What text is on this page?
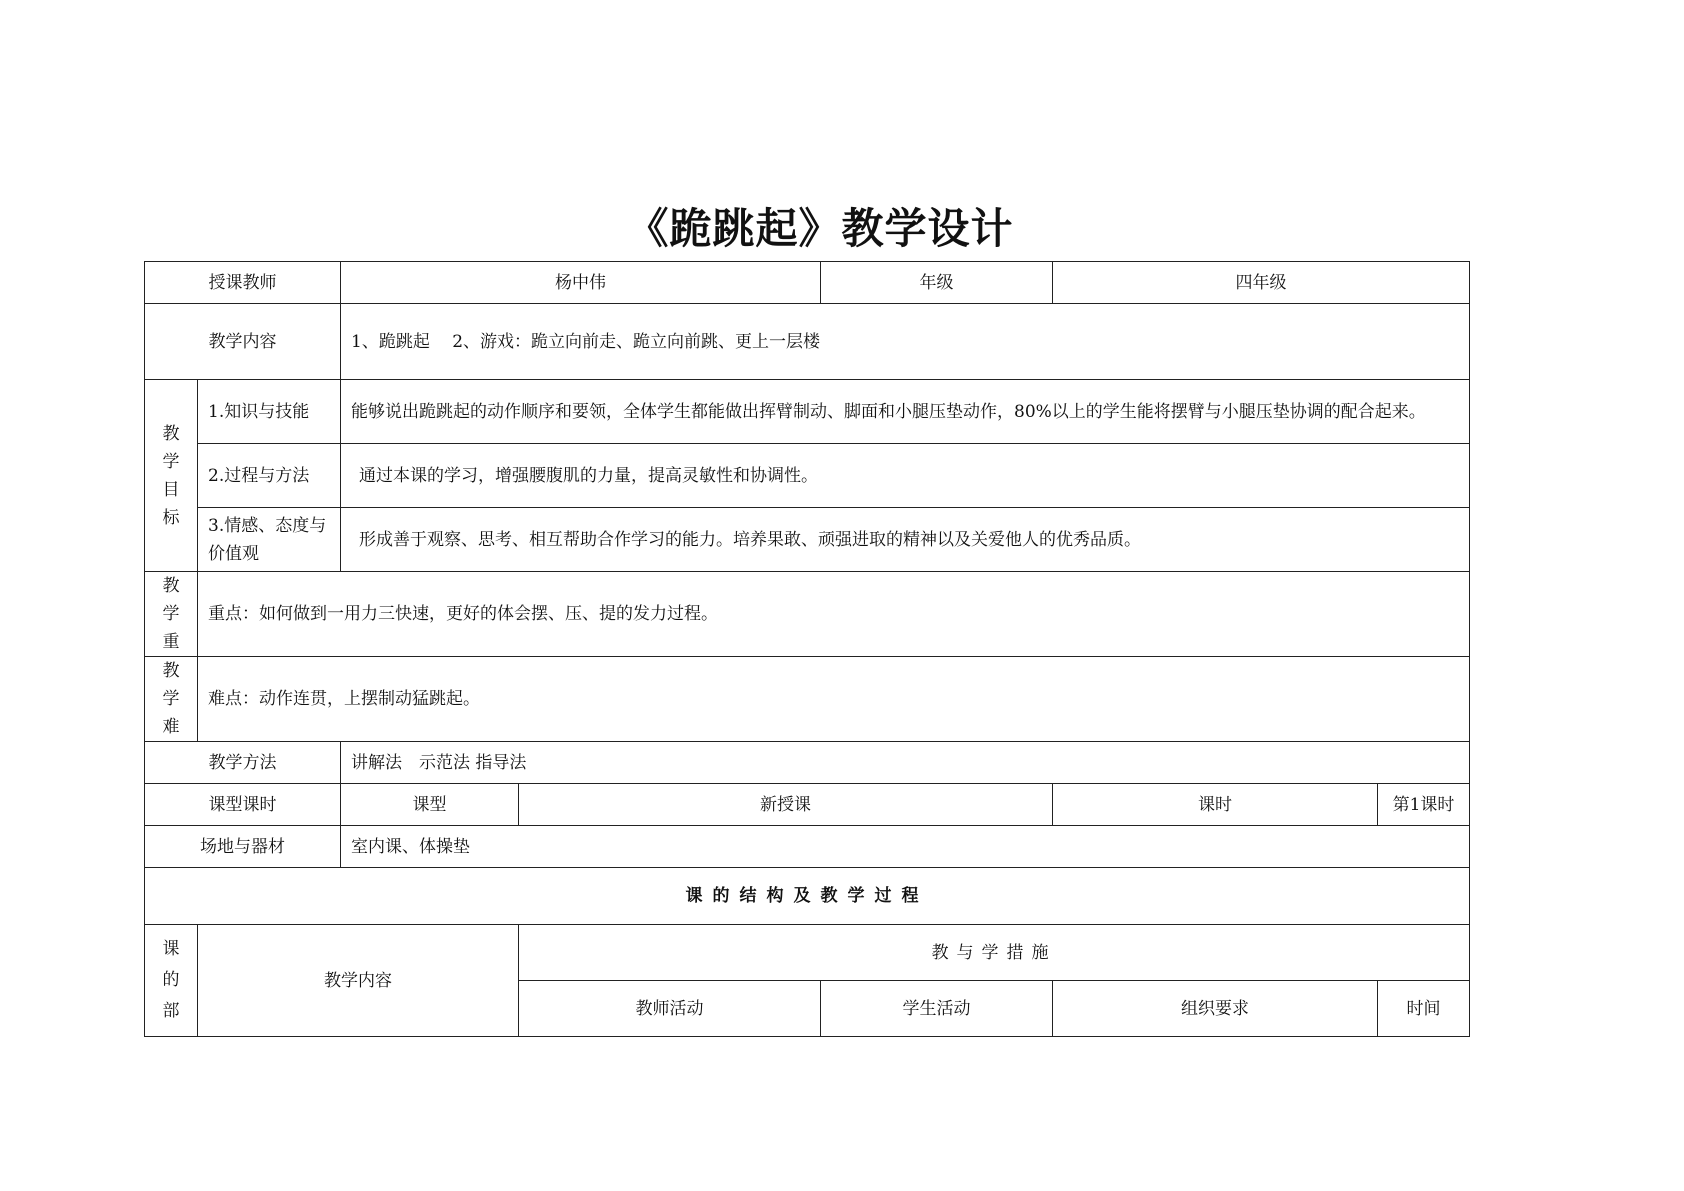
《跪跳起》教学设计
授课教师		杨中伟		年级	四年级	
教学内容		1、跪跳起　 2、游戏：跪立向前走、跪立向前跳、更上一层楼				
教学目标	1.知识与技能	能够说出跪跳起的动作顺序和要领，全体学生都能做出挥臂制动、脚面和小腿压垫动作，80%以上的学生能将摆臂与小腿压垫协调的配合起来。				
	2.过程与方法	通过本课的学习，增强腰腹肌的力量，提高灵敏性和协调性。				
	3.情感、态度与价值观	形成善于观察、思考、相互帮助合作学习的能力。培养果敢、顽强进取的精神以及关爱他人的优秀品质。				
教学重	重点：如何做到一用力三快速，更好的体会摆、压、提的发力过程。					
教学难	难点：动作连贯，上摆制动猛跳起。					
教学方法		讲解法　示范法 指导法				
课型课时		课型	新授课		课时	第1课时
场地与器材		室内课、体操垫				
课的结构及教学过程						
课的部	教学内容		教与学措施			
			教师活动	学生活动	组织要求	时间
